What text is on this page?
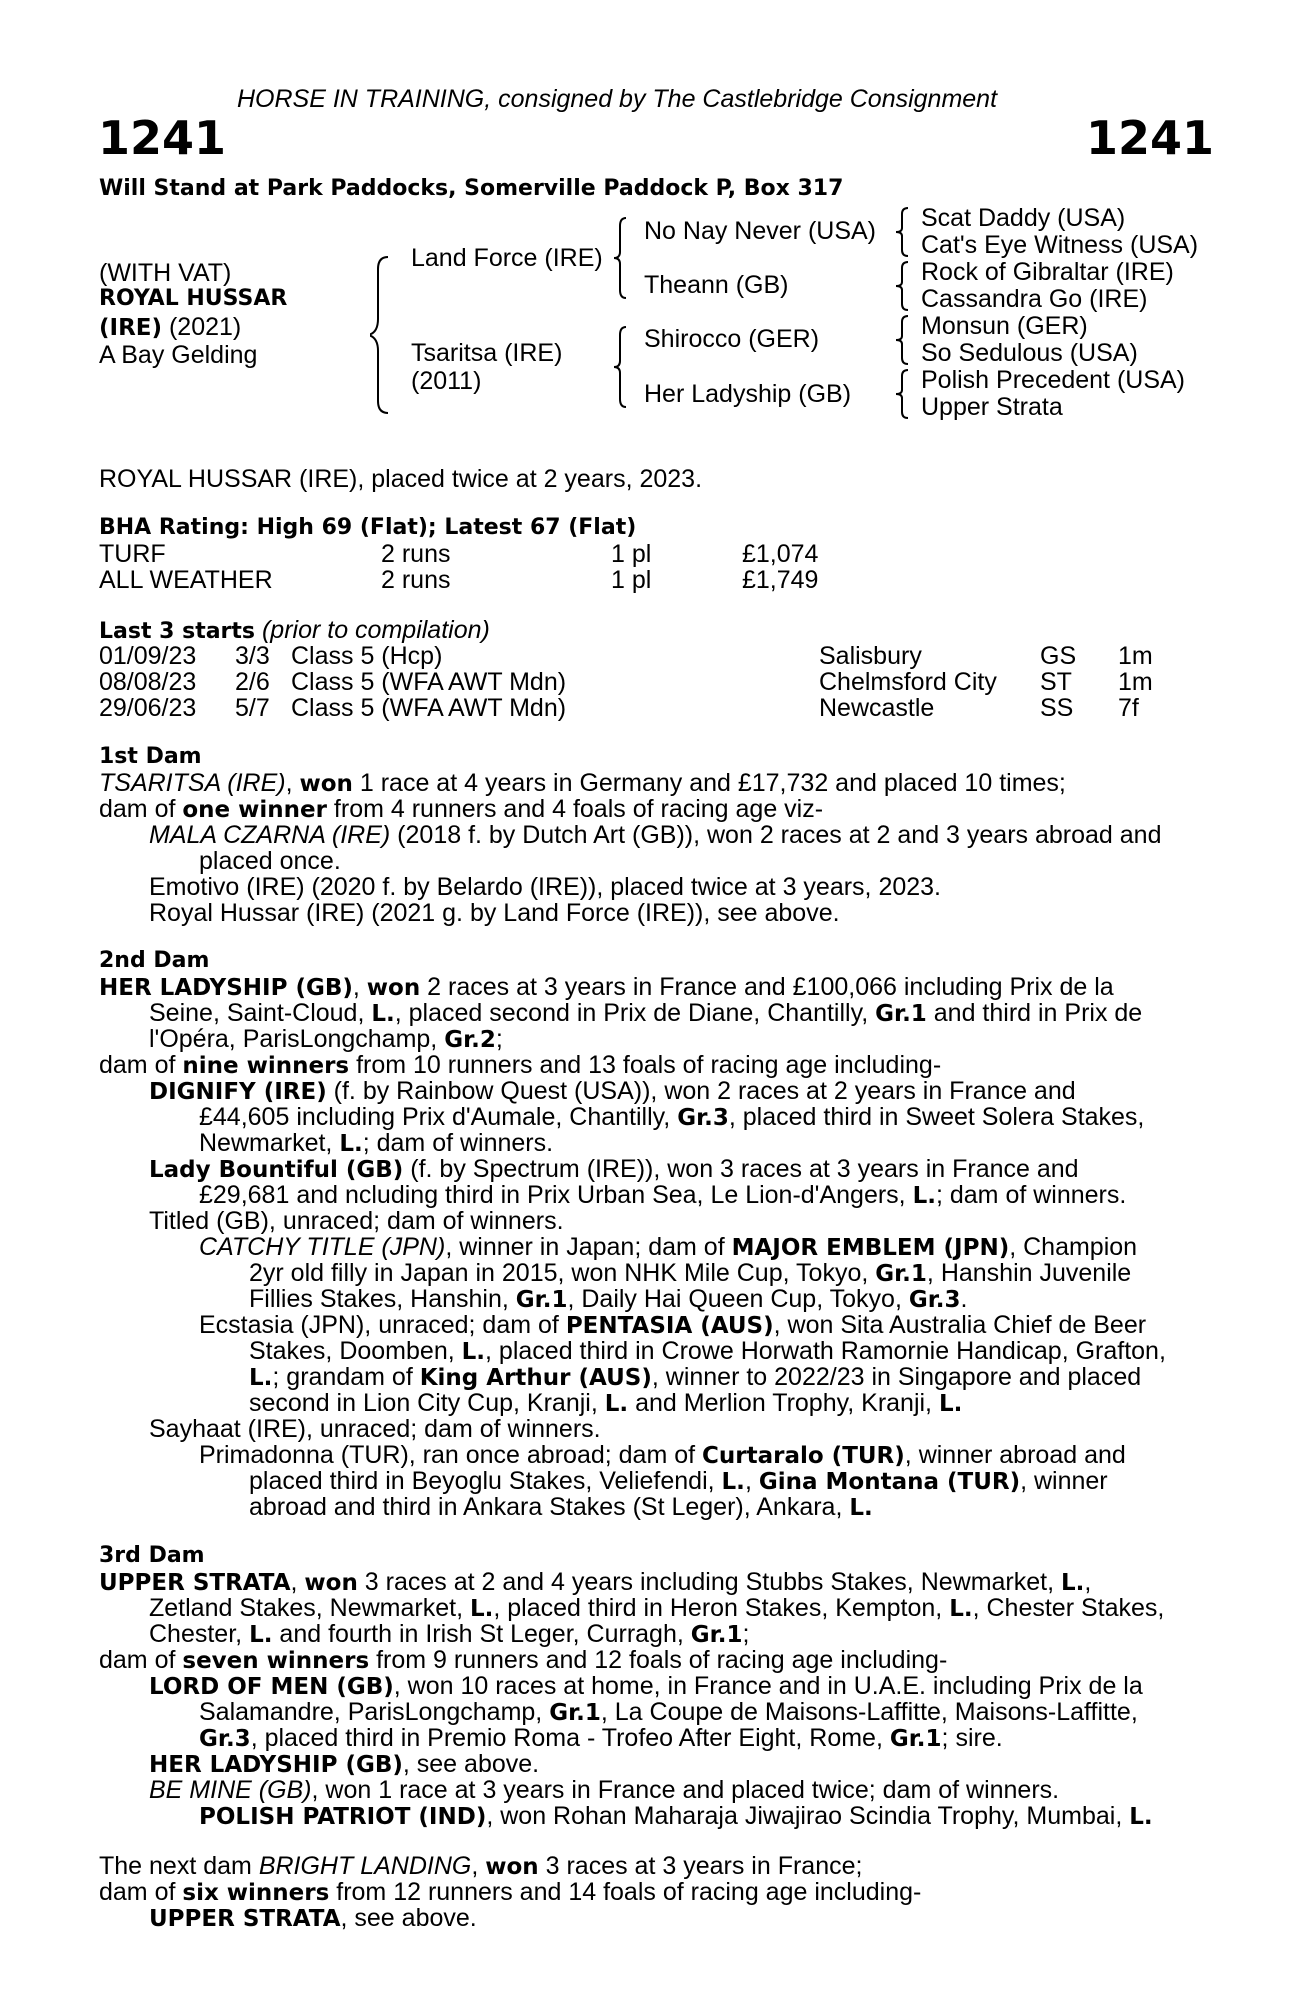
HORSE IN TRAINING, consigned by The Castlebridge Consignment
1241	1241
Will Stand at Park Paddocks, Somerville Paddock P, Box 317
(WITH VAT)
ROYAL HUSSAR
(IRE) (2021)
A Bay Gelding
Land Force (IRE)
Tsaritsa (IRE)
(2011)
No Nay Never (USA)
Theann (GB)
Shirocco (GER)
Her Ladyship (GB)
Scat Daddy (USA)
Cat's Eye Witness (USA)
Rock of Gibraltar (IRE)
Cassandra Go (IRE)
Monsun (GER)
So Sedulous (USA)
Polish Precedent (USA)
Upper Strata
ROYAL HUSSAR (IRE), placed twice at 2 years, 2023.
BHA Rating: High 69 (Flat); Latest 67 (Flat)
TURF	2 runs	1 pl	£1,074
ALL WEATHER	2 runs	1 pl	£1,749
Last 3 starts (prior to compilation)
01/09/23 3/3 Class 5 (Hcp)	Salisbury	GS 1m
08/08/23 2/6 Class 5 (WFA AWT Mdn)	Chelmsford City ST 1m
29/06/23 5/7 Class 5 (WFA AWT Mdn)	Newcastle	SS 7f
1st Dam
TSARITSA (IRE), won 1 race at 4 years in Germany and £17,732 and placed 10 times;
dam of one winner from 4 runners and 4 foals of racing age viz-
MALA CZARNA (IRE) (2018 f. by Dutch Art (GB)), won 2 races at 2 and 3 years abroad and
placed once.
Emotivo (IRE) (2020 f. by Belardo (IRE)), placed twice at 3 years, 2023.
Royal Hussar (IRE) (2021 g. by Land Force (IRE)), see above.
2nd Dam
HER LADYSHIP (GB), won 2 races at 3 years in France and £100,066 including Prix de la
Seine, Saint-Cloud, L., placed second in Prix de Diane, Chantilly, Gr.1 and third in Prix de
l'Opéra, ParisLongchamp, Gr.2;
dam of nine winners from 10 runners and 13 foals of racing age including-
DIGNIFY (IRE) (f. by Rainbow Quest (USA)), won 2 races at 2 years in France and
£44,605 including Prix d'Aumale, Chantilly, Gr.3, placed third in Sweet Solera Stakes,
Newmarket, L.; dam of winners.
Lady Bountiful (GB) (f. by Spectrum (IRE)), won 3 races at 3 years in France and
£29,681 and ncluding third in Prix Urban Sea, Le Lion-d'Angers, L.; dam of winners.
Titled (GB), unraced; dam of winners.
CATCHY TITLE (JPN), winner in Japan; dam of MAJOR EMBLEM (JPN), Champion
2yr old filly in Japan in 2015, won NHK Mile Cup, Tokyo, Gr.1, Hanshin Juvenile
Fillies Stakes, Hanshin, Gr.1, Daily Hai Queen Cup, Tokyo, Gr.3.
Ecstasia (JPN), unraced; dam of PENTASIA (AUS), won Sita Australia Chief de Beer
Stakes, Doomben, L., placed third in Crowe Horwath Ramornie Handicap, Grafton,
L.; grandam of King Arthur (AUS), winner to 2022/23 in Singapore and placed
second in Lion City Cup, Kranji, L. and Merlion Trophy, Kranji, L.
Sayhaat (IRE), unraced; dam of winners.
Primadonna (TUR), ran once abroad; dam of Curtaralo (TUR), winner abroad and
placed third in Beyoglu Stakes, Veliefendi, L., Gina Montana (TUR), winner
abroad and third in Ankara Stakes (St Leger), Ankara, L.
3rd Dam
UPPER STRATA, won 3 races at 2 and 4 years including Stubbs Stakes, Newmarket, L.,
Zetland Stakes, Newmarket, L., placed third in Heron Stakes, Kempton, L., Chester Stakes,
Chester, L. and fourth in Irish St Leger, Curragh, Gr.1;
dam of seven winners from 9 runners and 12 foals of racing age including-
LORD OF MEN (GB), won 10 races at home, in France and in U.A.E. including Prix de la
Salamandre, ParisLongchamp, Gr.1, La Coupe de Maisons-Laffitte, Maisons-Laffitte,
Gr.3, placed third in Premio Roma - Trofeo After Eight, Rome, Gr.1; sire.
HER LADYSHIP (GB), see above.
BE MINE (GB), won 1 race at 3 years in France and placed twice; dam of winners.
POLISH PATRIOT (IND), won Rohan Maharaja Jiwajirao Scindia Trophy, Mumbai, L.
The next dam BRIGHT LANDING, won 3 races at 3 years in France;
dam of six winners from 12 runners and 14 foals of racing age including-
UPPER STRATA, see above.
